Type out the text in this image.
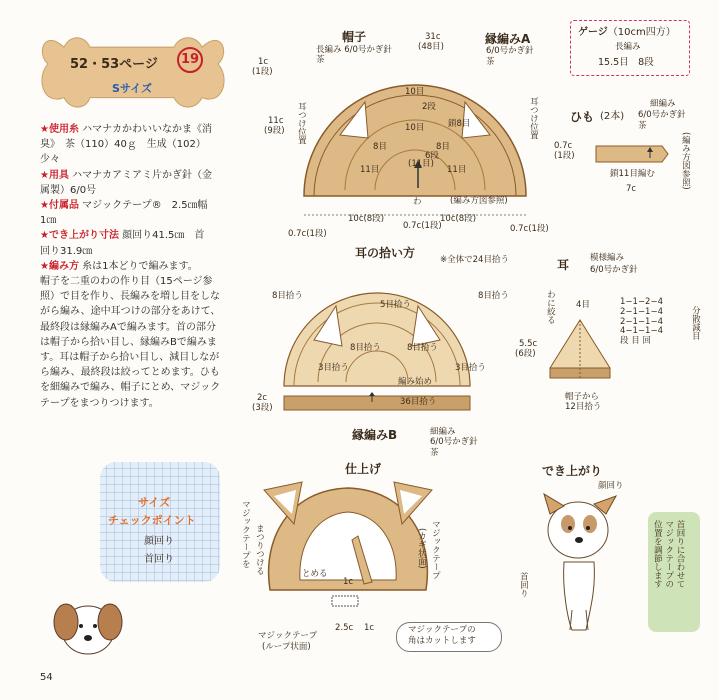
52・53ページ	19
Sサイズ
★使用糸 ハマナカかわいいなかま《消
臭》　茶（110）40ｇ　生成（102）
少々
★用具 ハマナカアミアミ片かぎ針（金
属製）6/0号
★付属品 マジックテープ®　2.5㎝幅
1㎝
★でき上がり寸法 顔回り41.5㎝　首
回り31.9㎝
★編み方 糸は1本どりで編みます。
帽子を二重のわの作り目（15ページ参
照）で目を作り、長編みを増し目をしな
がら編み、途中耳つけの部分をあけて、
最終段は縁編みAで編みます。首の部分
は帽子から拾い目し、縁編みBで編みま
す。耳は帽子から拾い目し、減目しなが
ら編み、最終段は絞ってとめます。ひも
を細編みで編み、帽子にとめ、マジック
テープをまつりつけます。
ゲージ（10cm四方）
長編み
15.5目　8段
帽子
長編み 6/0号かぎ針
茶
31c
(48目)
縁編みA
6/0号かぎ針
茶
1c
(1段)
11c
(9段) 耳つけ位置	耳つけ位置
10目
2段
鎖8目
10目
8目	8目
6段
(11目)
11目	11目
わ	(編み方図参照)
10c(8段)	10c(8段)
0.7c(1段)
0.7c(1段)	0.7c(1段)
ひも (2本)
細編み
6/0号かぎ針
茶
(編み方図参照)
0.7c
(1段)
鎖11目編む
7c
耳の拾い方	※全体で24目拾う
8目拾う
5目拾う
8目拾う
8目拾う	8目拾う
3目拾う	3目拾う
編み始め
2c
(3段)
36目拾う
縁編みB	細編み
6/0号かぎ針
茶
耳 模様編み
6/0号かぎ針
わに絞る 4目
5.5c
(6段)
帽子から
12目拾う
1−1−2−4
2−1−1−4
2−1−1−4
4−1−1−4
段 目 回
分散減目
仕上げ
マジックテープを まつりつける	マジックテープ
(カギ状面)
とめる
1c
2.5c 1c
マジックテープ
(ループ状面)
マジックテープの
角はカットします
でき上がり
顔回り
首回り	首回りに合わせて
マジックテープの
位置を調節します
サイズ
チェックポイント
顔回り
首回り
54
